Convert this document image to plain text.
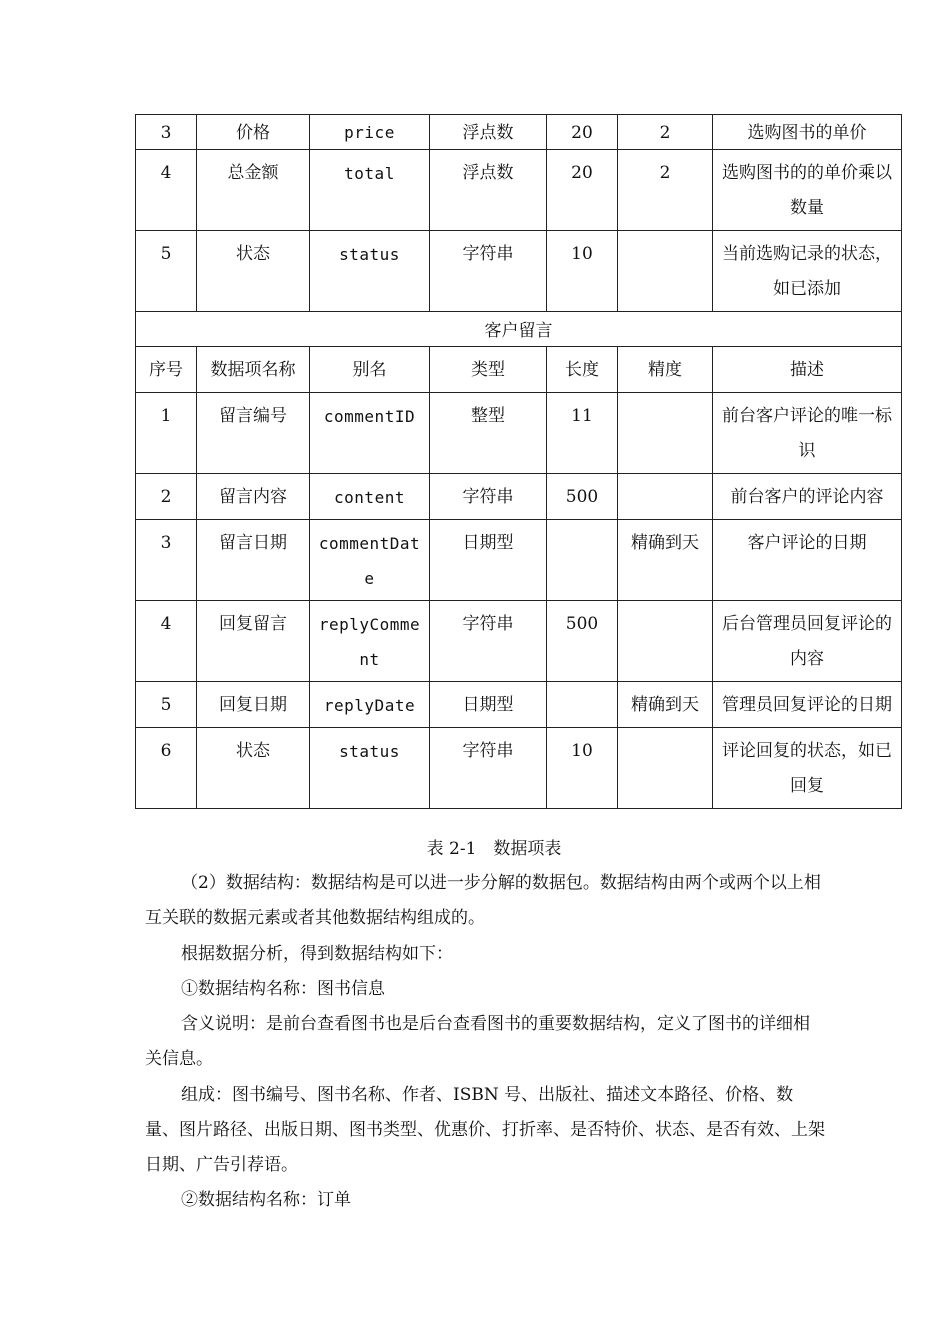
3	价格	price	浮点数	20	2	选购图书的单价
4	总金额	total	浮点数	20	2	选购图书的的单价乘以数量
5	状态	status	字符串	10		当前选购记录的状态，如已添加
客户留言						
序号	数据项名称	别名	类型	长度	精度	描述
1	留言编号	commentID	整型	11		前台客户评论的唯一标识
2	留言内容	content	字符串	500		前台客户的评论内容
3	留言日期	commentDate	日期型		精确到天	客户评论的日期
4	回复留言	replyComment	字符串	500		后台管理员回复评论的内容
5	回复日期	replyDate	日期型		精确到天	管理员回复评论的日期
6	状态	status	字符串	10		评论回复的状态，如已回复
表 2-1　数据项表
（2）数据结构：数据结构是可以进一步分解的数据包。数据结构由两个或两个以上相互关联的数据元素或者其他数据结构组成的。
根据数据分析，得到数据结构如下：
①数据结构名称：图书信息
含义说明：是前台查看图书也是后台查看图书的重要数据结构，定义了图书的详细相关信息。
组成：图书编号、图书名称、作者、ISBN 号、出版社、描述文本路径、价格、数量、图片路径、出版日期、图书类型、优惠价、打折率、是否特价、状态、是否有效、上架日期、广告引荐语。
②数据结构名称：订单
